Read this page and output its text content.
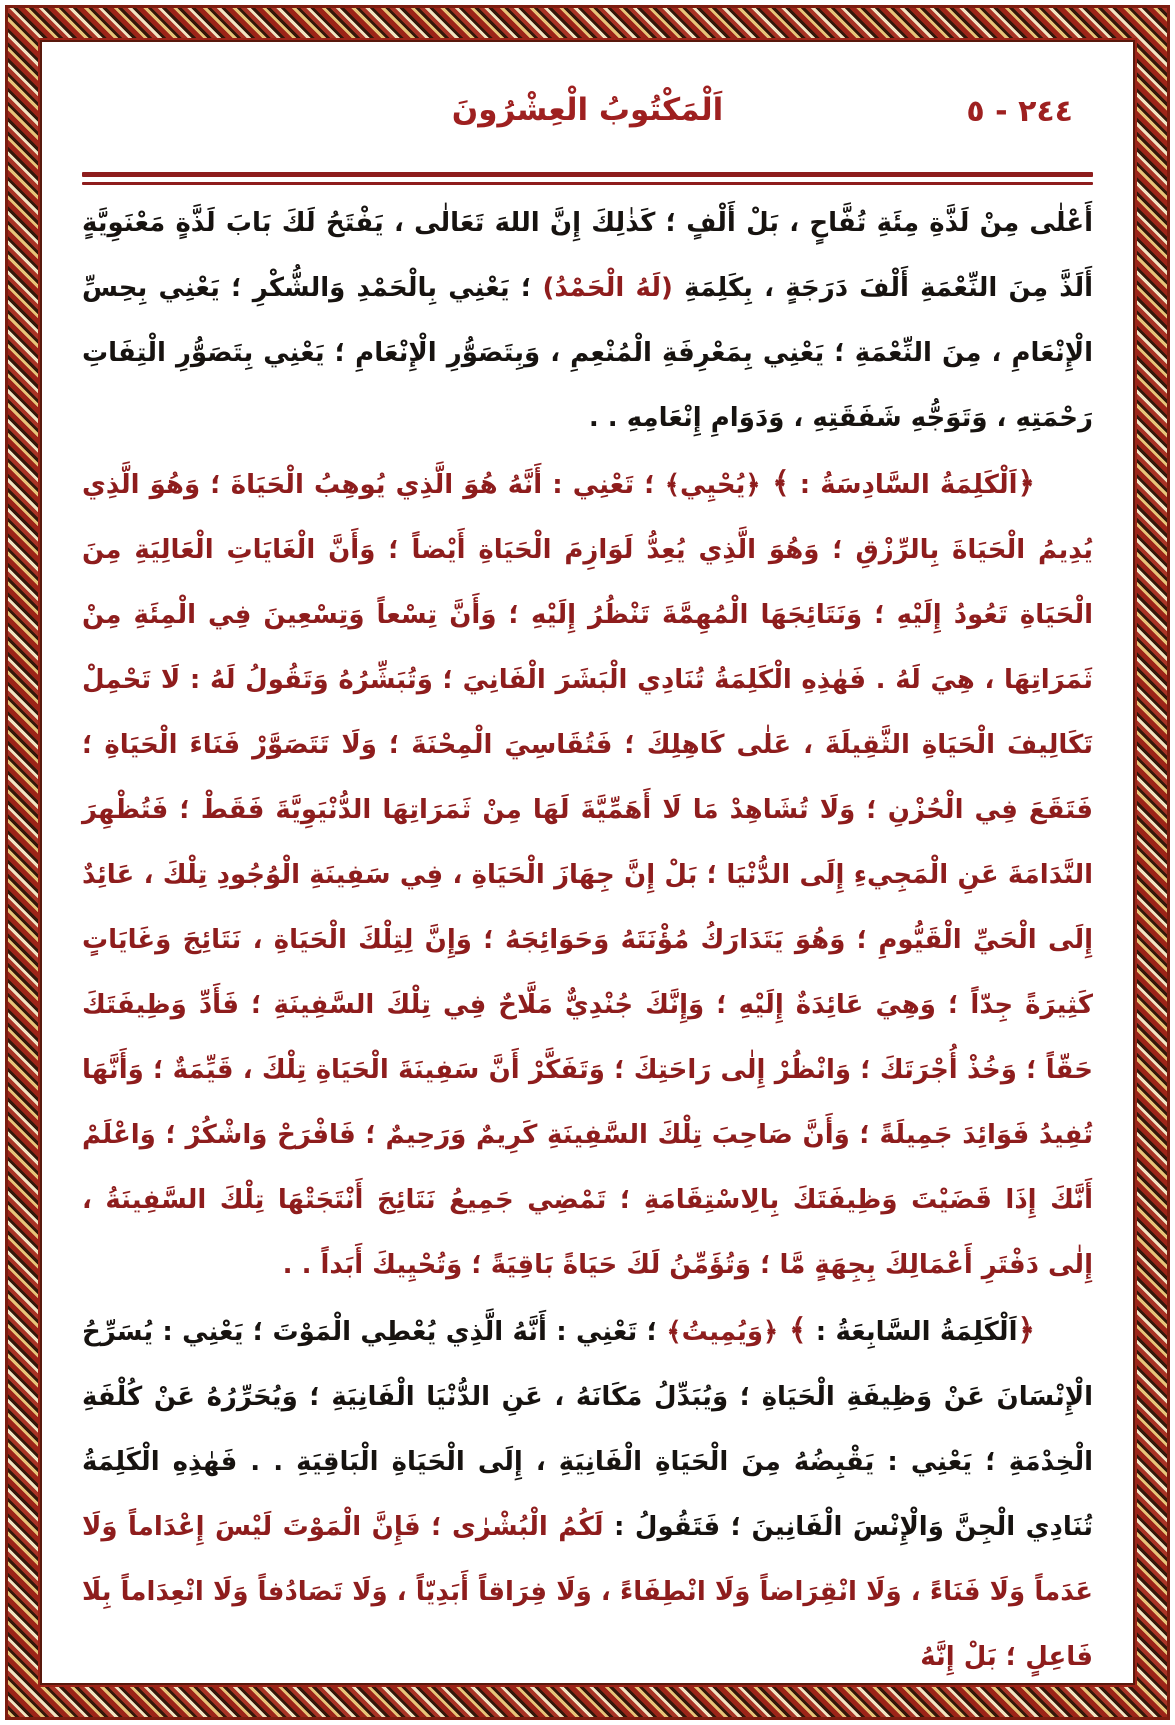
٢٤٤ - ٥
اَلْمَكْتُوبُ الْعِشْرُونَ

أَعْلٰى مِنْ لَذَّةِ مِئَةِ تُفَّاحٍ ، بَلْ أَلْفٍ ؛ كَذٰلِكَ إِنَّ اللهَ تَعَالٰى ، يَفْتَحُ لَكَ بَابَ لَذَّةٍ مَعْنَوِيَّةٍ أَلَذَّ مِنَ النِّعْمَةِ أَلْفَ دَرَجَةٍ ، بِكَلِمَةِ (لَهُ الْحَمْدُ) ؛ يَعْنِي بِالْحَمْدِ وَالشُّكْرِ ؛ يَعْنِي بِحِسِّ الْإِنْعَامِ ، مِنَ النِّعْمَةِ ؛ يَعْنِي بِمَعْرِفَةِ الْمُنْعِمِ ، وَبِتَصَوُّرِ الْإِنْعَامِ ؛ يَعْنِي بِتَصَوُّرِ الْتِفَاتِ رَحْمَتِهِ ، وَتَوَجُّهِ شَفَقَتِهِ ، وَدَوَامِ إِنْعَامِهِ . .

﴿اَلْكَلِمَةُ السَّادِسَةُ : ﴾ ﴿يُحْيِي﴾ ؛ تَعْنِي : أَنَّهُ هُوَ الَّذِي يُوهِبُ الْحَيَاةَ ؛ وَهُوَ الَّذِي يُدِيمُ الْحَيَاةَ بِالرِّزْقِ ؛ وَهُوَ الَّذِي يُعِدُّ لَوَازِمَ الْحَيَاةِ أَيْضاً ؛ وَأَنَّ الْغَايَاتِ الْعَالِيَةِ مِنَ الْحَيَاةِ تَعُودُ إِلَيْهِ ؛ وَنَتَائِجَهَا الْمُهِمَّةَ تَنْظُرُ إِلَيْهِ ؛ وَأَنَّ تِسْعاً وَتِسْعِينَ فِي الْمِئَةِ مِنْ ثَمَرَاتِهَا ، هِيَ لَهُ . فَهٰذِهِ الْكَلِمَةُ تُنَادِي الْبَشَرَ الْفَانِيَ ؛ وَتُبَشِّرُهُ وَتَقُولُ لَهُ : لَا تَحْمِلْ تَكَالِيفَ الْحَيَاةِ الثَّقِيلَةَ ، عَلٰى كَاهِلِكَ ؛ فَتُقَاسِيَ الْمِحْنَةَ ؛ وَلَا تَتَصَوَّرْ فَنَاءَ الْحَيَاةِ ؛ فَتَقَعَ فِي الْحُزْنِ ؛ وَلَا تُشَاهِدْ مَا لَا أَهَمِّيَّةَ لَهَا مِنْ ثَمَرَاتِهَا الدُّنْيَوِيَّةَ فَقَطْ ؛ فَتُظْهِرَ النَّدَامَةَ عَنِ الْمَجِيءِ إِلَى الدُّنْيَا ؛ بَلْ إِنَّ جِهَازَ الْحَيَاةِ ، فِي سَفِينَةِ الْوُجُودِ تِلْكَ ، عَائِدٌ إِلَى الْحَيِّ الْقَيُّومِ ؛ وَهُوَ يَتَدَارَكُ مُؤْنَتَهُ وَحَوَائِجَهُ ؛ وَإِنَّ لِتِلْكَ الْحَيَاةِ ، نَتَائِجَ وَغَايَاتٍ كَثِيرَةً جِدّاً ؛ وَهِيَ عَائِدَةٌ إِلَيْهِ ؛ وَإِنَّكَ جُنْدِيٌّ مَلَّاحٌ فِي تِلْكَ السَّفِينَةِ ؛ فَأَدِّ وَظِيفَتَكَ حَقّاً ؛ وَخُذْ أُجْرَتَكَ ؛ وَانْظُرْ إِلٰى رَاحَتِكَ ؛ وَتَفَكَّرْ أَنَّ سَفِينَةَ الْحَيَاةِ تِلْكَ ، قَيِّمَةٌ ؛ وَأَنَّهَا تُفِيدُ فَوَائِدَ جَمِيلَةً ؛ وَأَنَّ صَاحِبَ تِلْكَ السَّفِينَةِ كَرِيمٌ وَرَحِيمٌ ؛ فَافْرَحْ وَاشْكُرْ ؛ وَاعْلَمْ أَنَّكَ إِذَا قَضَيْتَ وَظِيفَتَكَ بِالِاسْتِقَامَةِ ؛ تَمْضِي جَمِيعُ نَتَائِجَ أَنْتَجَتْهَا تِلْكَ السَّفِينَةُ ، إِلٰى دَفْتَرِ أَعْمَالِكَ بِجِهَةٍ مَّا ؛ وَتُؤَمِّنُ لَكَ حَيَاةً بَاقِيَةً ؛ وَتُحْيِيكَ أَبَداً . .

﴿اَلْكَلِمَةُ السَّابِعَةُ : ﴾ ﴿وَيُمِيتُ﴾ ؛ تَعْنِي : أَنَّهُ الَّذِي يُعْطِي الْمَوْتَ ؛ يَعْنِي : يُسَرِّحُ الْإِنْسَانَ عَنْ وَظِيفَةِ الْحَيَاةِ ؛ وَيُبَدِّلُ مَكَانَهُ ، عَنِ الدُّنْيَا الْفَانِيَةِ ؛ وَيُحَرِّرُهُ عَنْ كُلْفَةِ الْخِدْمَةِ ؛ يَعْنِي : يَقْبِضُهُ مِنَ الْحَيَاةِ الْفَانِيَةِ ، إِلَى الْحَيَاةِ الْبَاقِيَةِ . . فَهٰذِهِ الْكَلِمَةُ تُنَادِي الْجِنَّ وَالْإِنْسَ الْفَانِينَ ؛ فَتَقُولُ : لَكُمُ الْبُشْرٰى ؛ فَإِنَّ الْمَوْتَ لَيْسَ إِعْدَاماً وَلَا عَدَماً وَلَا فَنَاءً ، وَلَا انْقِرَاضاً وَلَا انْطِفَاءً ، وَلَا فِرَاقاً أَبَدِيّاً ، وَلَا تَصَادُفاً وَلَا انْعِدَاماً بِلَا فَاعِلٍ ؛ بَلْ إِنَّهُ
